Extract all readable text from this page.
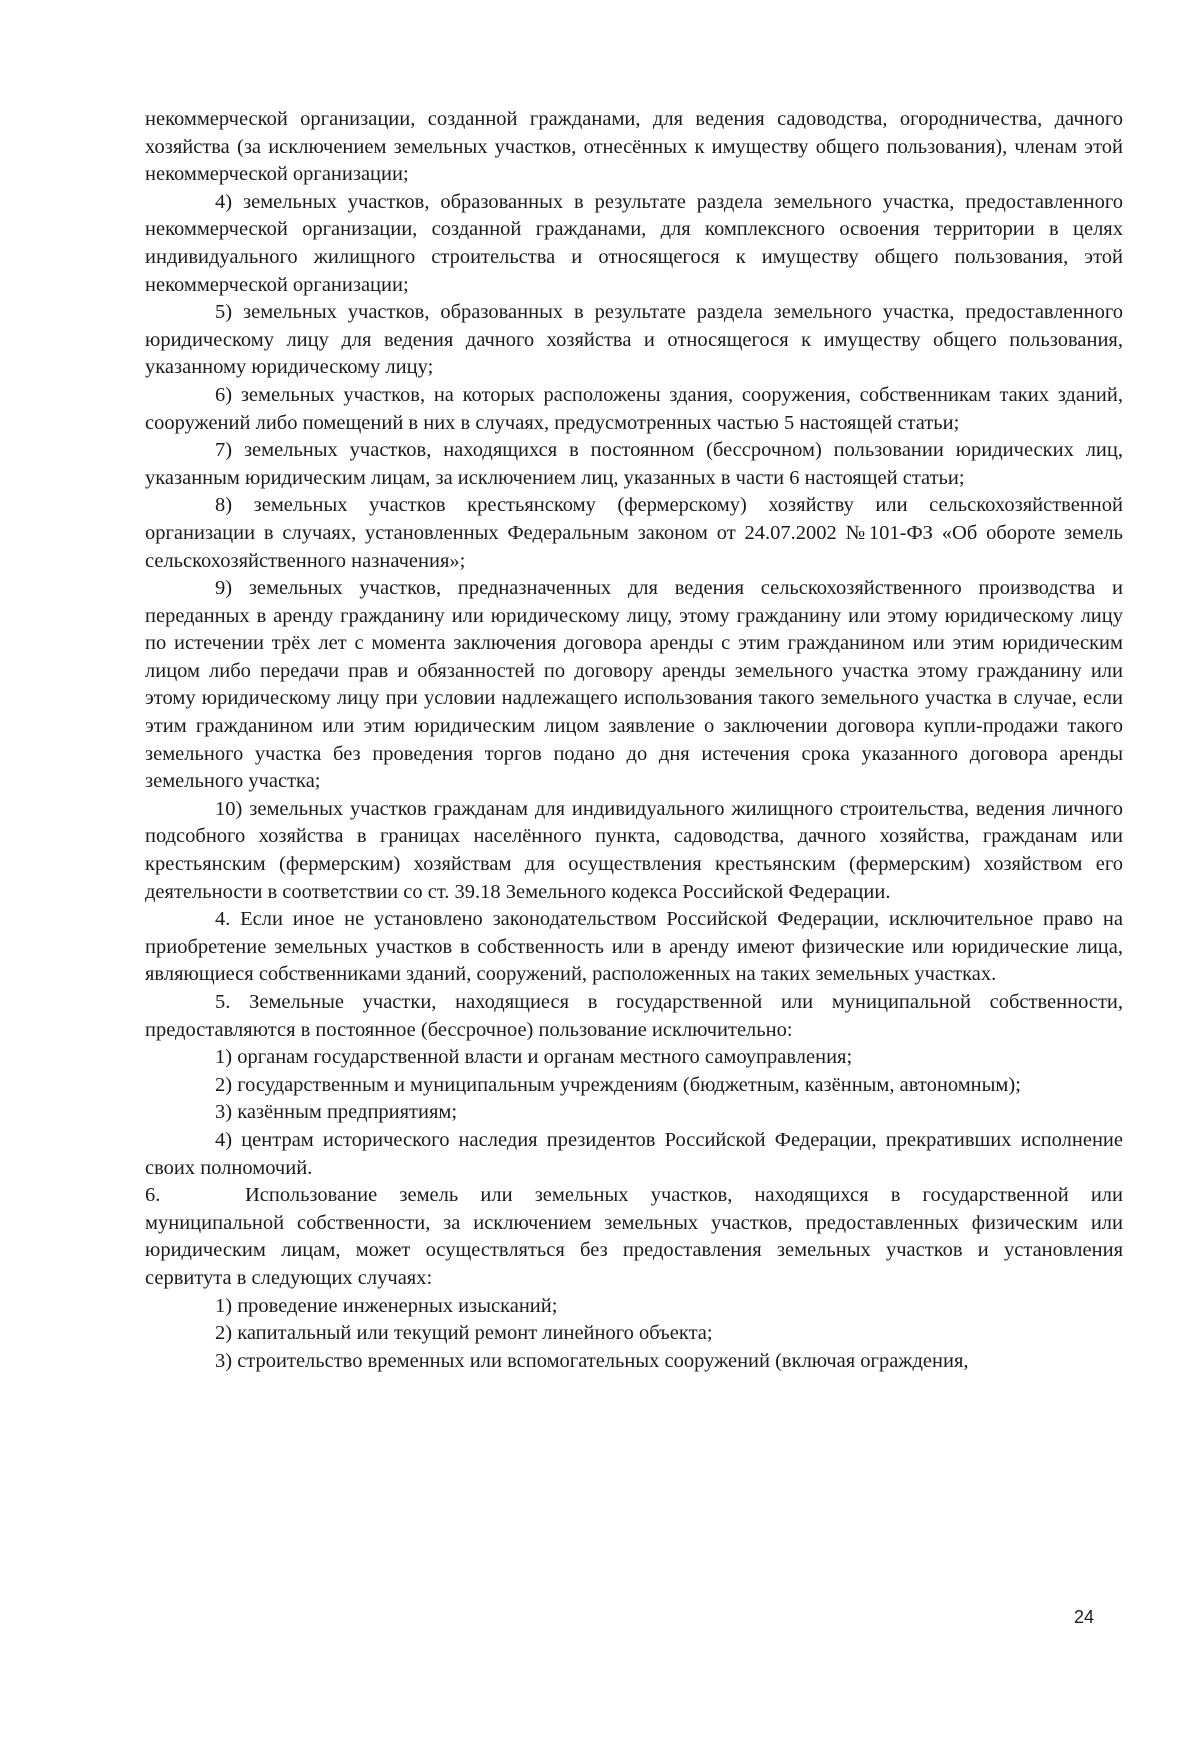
некоммерческой организации, созданной гражданами, для ведения садоводства, огородничества, дачного хозяйства (за исключением земельных участков, отнесённых к имуществу общего пользования), членам этой некоммерческой организации;

4) земельных участков, образованных в результате раздела земельного участка, предоставленного некоммерческой организации, созданной гражданами, для комплексного освоения территории в целях индивидуального жилищного строительства и относящегося к имуществу общего пользования, этой некоммерческой организации;

5) земельных участков, образованных в результате раздела земельного участка, предоставленного юридическому лицу для ведения дачного хозяйства и относящегося к имуществу общего пользования, указанному юридическому лицу;

6) земельных участков, на которых расположены здания, сооружения, собственникам таких зданий, сооружений либо помещений в них в случаях, предусмотренных частью 5 настоящей статьи;

7) земельных участков, находящихся в постоянном (бессрочном) пользовании юридических лиц, указанным юридическим лицам, за исключением лиц, указанных в части 6 настоящей статьи;

8) земельных участков крестьянскому (фермерскому) хозяйству или сельскохозяйственной организации в случаях, установленных Федеральным законом от 24.07.2002 №101-ФЗ «Об обороте земель сельскохозяйственного назначения»;

9) земельных участков, предназначенных для ведения сельскохозяйственного производства и переданных в аренду гражданину или юридическому лицу, этому гражданину или этому юридическому лицу по истечении трёх лет с момента заключения договора аренды с этим гражданином или этим юридическим лицом либо передачи прав и обязанностей по договору аренды земельного участка этому гражданину или этому юридическому лицу при условии надлежащего использования такого земельного участка в случае, если этим гражданином или этим юридическим лицом заявление о заключении договора купли-продажи такого земельного участка без проведения торгов подано до дня истечения срока указанного договора аренды земельного участка;

10) земельных участков гражданам для индивидуального жилищного строительства, ведения личного подсобного хозяйства в границах населённого пункта, садоводства, дачного хозяйства, гражданам или крестьянским (фермерским) хозяйствам для осуществления крестьянским (фермерским) хозяйством его деятельности в соответствии со ст. 39.18 Земельного кодекса Российской Федерации.

4. Если иное не установлено законодательством Российской Федерации, исключительное право на приобретение земельных участков в собственность или в аренду имеют физические или юридические лица, являющиеся собственниками зданий, сооружений, расположенных на таких земельных участках.

5. Земельные участки, находящиеся в государственной или муниципальной собственности, предоставляются в постоянное (бессрочное) пользование исключительно:

1) органам государственной власти и органам местного самоуправления;

2) государственным и муниципальным учреждениям (бюджетным, казённым, автономным);

3) казённым предприятиям;

4) центрам исторического наследия президентов Российской Федерации, прекративших исполнение своих полномочий.

6.	Использование земель или земельных участков, находящихся в государственной или муниципальной собственности, за исключением земельных участков, предоставленных физическим или юридическим лицам, может осуществляться без предоставления земельных участков и установления сервитута в следующих случаях:

1) проведение инженерных изысканий;

2) капитальный или текущий ремонт линейного объекта;

3) строительство временных или вспомогательных сооружений (включая ограждения,

24
